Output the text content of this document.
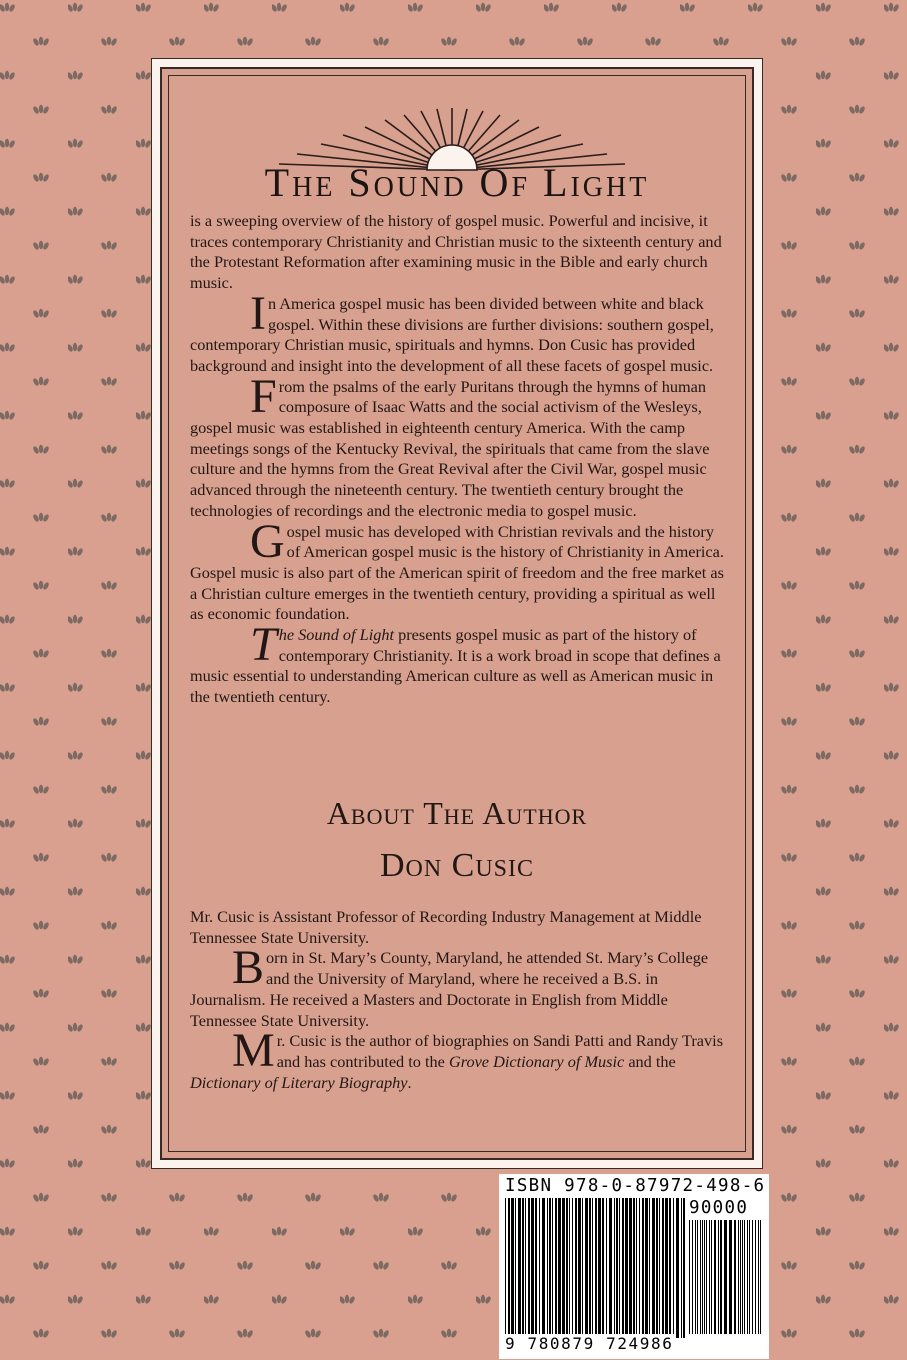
The Sound Of Light

is a sweeping overview of the history of gospel music. Powerful and incisive, it traces contemporary Christianity and Christian music to the sixteenth century and the Protestant Reformation after examining music in the Bible and early church music.

In America gospel music has been divided between white and black gospel. Within these divisions are further divisions: southern gospel, contemporary Christian music, spirituals and hymns. Don Cusic has provided background and insight into the development of all these facets of gospel music.

From the psalms of the early Puritans through the hymns of human composure of Isaac Watts and the social activism of the Wesleys, gospel music was established in eighteenth century America. With the camp meetings songs of the Kentucky Revival, the spirituals that came from the slave culture and the hymns from the Great Revival after the Civil War, gospel music advanced through the nineteenth century. The twentieth century brought the technologies of recordings and the electronic media to gospel music.

Gospel music has developed with Christian revivals and the history of American gospel music is the history of Christianity in America. Gospel music is also part of the American spirit of freedom and the free market as a Christian culture emerges in the twentieth century, providing a spiritual as well as economic foundation.

The Sound of Light presents gospel music as part of the history of contemporary Christianity. It is a work broad in scope that defines a music essential to understanding American culture as well as American music in the twentieth century.

About The Author
Don Cusic

Mr. Cusic is Assistant Professor of Recording Industry Management at Middle Tennessee State University.

Born in St. Mary’s County, Maryland, he attended St. Mary’s College and the University of Maryland, where he received a B.S. in Journalism. He received a Masters and Doctorate in English from Middle Tennessee State University.

Mr. Cusic is the author of biographies on Sandi Patti and Randy Travis and has contributed to the Grove Dictionary of Music and the Dictionary of Literary Biography.

ISBN 978-0-87972-498-6
90000
9 780879 724986
